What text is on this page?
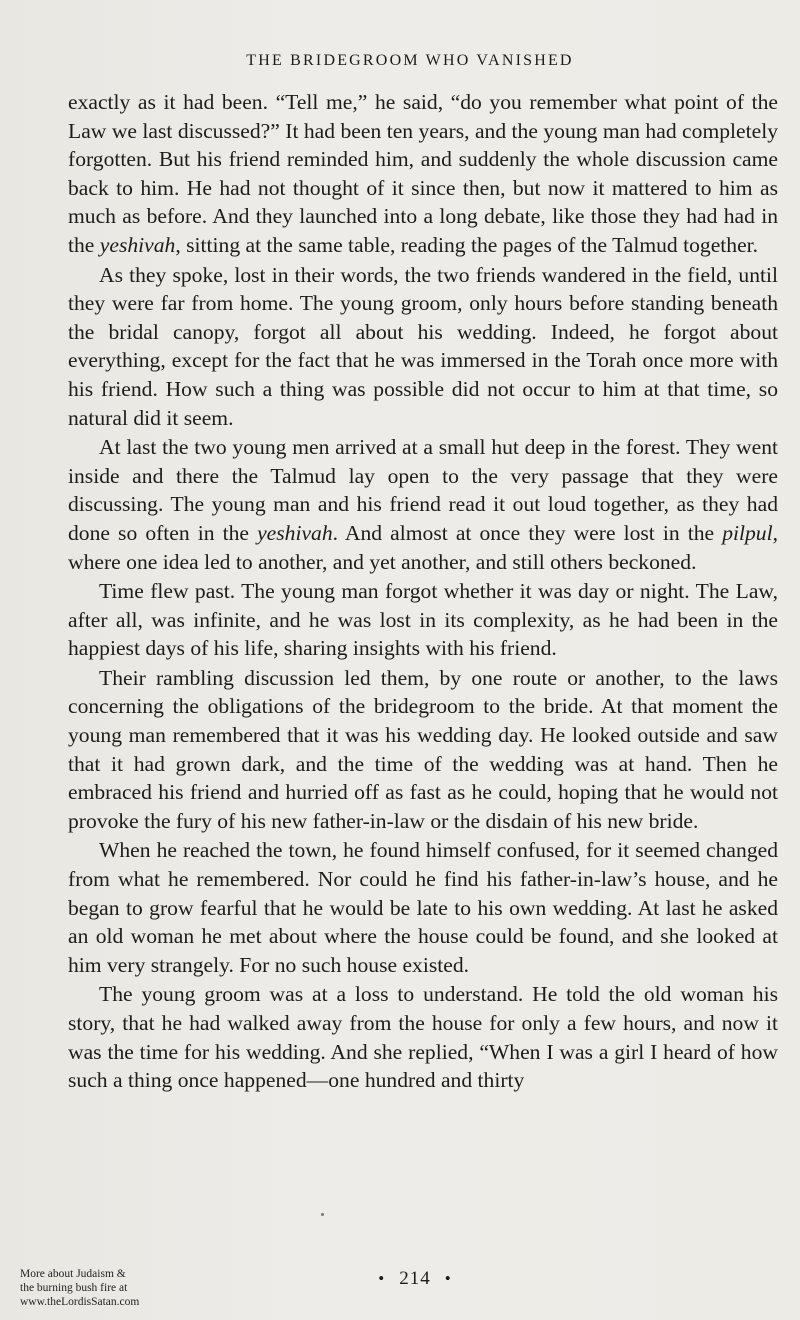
THE BRIDEGROOM WHO VANISHED

exactly as it had been. “Tell me,” he said, “do you remember what point of the Law we last discussed?” It had been ten years, and the young man had completely forgotten. But his friend reminded him, and suddenly the whole discussion came back to him. He had not thought of it since then, but now it mattered to him as much as before. And they launched into a long debate, like those they had had in the yeshivah, sitting at the same table, reading the pages of the Talmud together.

As they spoke, lost in their words, the two friends wandered in the field, until they were far from home. The young groom, only hours before standing beneath the bridal canopy, forgot all about his wedding. Indeed, he forgot about everything, except for the fact that he was immersed in the Torah once more with his friend. How such a thing was possible did not occur to him at that time, so natural did it seem.

At last the two young men arrived at a small hut deep in the forest. They went inside and there the Talmud lay open to the very passage that they were discussing. The young man and his friend read it out loud together, as they had done so often in the yeshivah. And almost at once they were lost in the pilpul, where one idea led to another, and yet another, and still others beckoned.

Time flew past. The young man forgot whether it was day or night. The Law, after all, was infinite, and he was lost in its complexity, as he had been in the happiest days of his life, sharing insights with his friend.

Their rambling discussion led them, by one route or another, to the laws concerning the obligations of the bridegroom to the bride. At that moment the young man remembered that it was his wedding day. He looked outside and saw that it had grown dark, and the time of the wedding was at hand. Then he embraced his friend and hurried off as fast as he could, hoping that he would not provoke the fury of his new father-in-law or the disdain of his new bride.

When he reached the town, he found himself confused, for it seemed changed from what he remembered. Nor could he find his father-in-law’s house, and he began to grow fearful that he would be late to his own wedding. At last he asked an old woman he met about where the house could be found, and she looked at him very strangely. For no such house existed.

The young groom was at a loss to understand. He told the old woman his story, that he had walked away from the house for only a few hours, and now it was the time for his wedding. And she replied, “When I was a girl I heard of how such a thing once happened—one hundred and thirty

• 214 •
More about Judaism &
the burning bush fire at
www.theLordisSatan.com
